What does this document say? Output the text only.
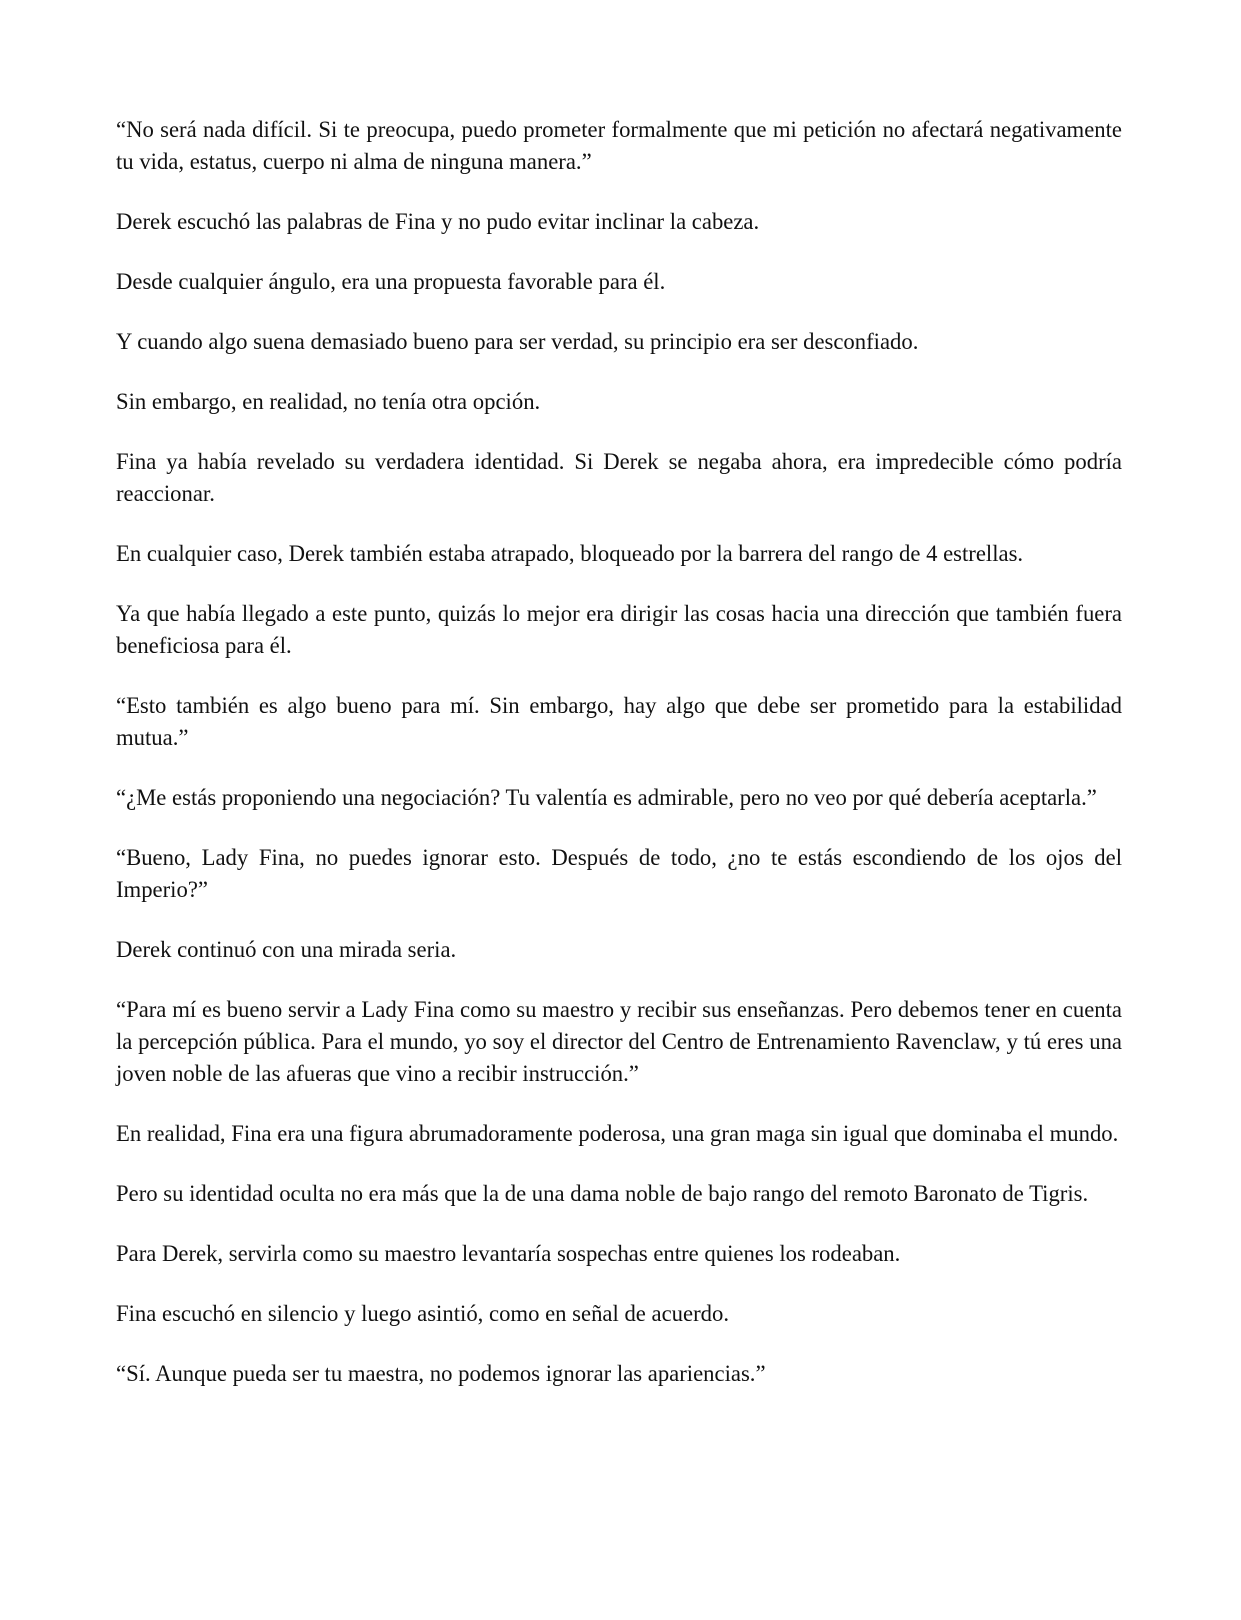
“No será nada difícil. Si te preocupa, puedo prometer formalmente que mi petición no afectará negativamente tu vida, estatus, cuerpo ni alma de ninguna manera.”

Derek escuchó las palabras de Fina y no pudo evitar inclinar la cabeza.

Desde cualquier ángulo, era una propuesta favorable para él.

Y cuando algo suena demasiado bueno para ser verdad, su principio era ser desconfiado.

Sin embargo, en realidad, no tenía otra opción.

Fina ya había revelado su verdadera identidad. Si Derek se negaba ahora, era impredecible cómo podría reaccionar.

En cualquier caso, Derek también estaba atrapado, bloqueado por la barrera del rango de 4 estrellas.

Ya que había llegado a este punto, quizás lo mejor era dirigir las cosas hacia una dirección que también fuera beneficiosa para él.

“Esto también es algo bueno para mí. Sin embargo, hay algo que debe ser prometido para la estabilidad mutua.”

“¿Me estás proponiendo una negociación? Tu valentía es admirable, pero no veo por qué debería aceptarla.”

“Bueno, Lady Fina, no puedes ignorar esto. Después de todo, ¿no te estás escondiendo de los ojos del Imperio?”

Derek continuó con una mirada seria.

“Para mí es bueno servir a Lady Fina como su maestro y recibir sus enseñanzas. Pero debemos tener en cuenta la percepción pública. Para el mundo, yo soy el director del Centro de Entrenamiento Ravenclaw, y tú eres una joven noble de las afueras que vino a recibir instrucción.”

En realidad, Fina era una figura abrumadoramente poderosa, una gran maga sin igual que dominaba el mundo.

Pero su identidad oculta no era más que la de una dama noble de bajo rango del remoto Baronato de Tigris.

Para Derek, servirla como su maestro levantaría sospechas entre quienes los rodeaban.

Fina escuchó en silencio y luego asintió, como en señal de acuerdo.

“Sí. Aunque pueda ser tu maestra, no podemos ignorar las apariencias.”
